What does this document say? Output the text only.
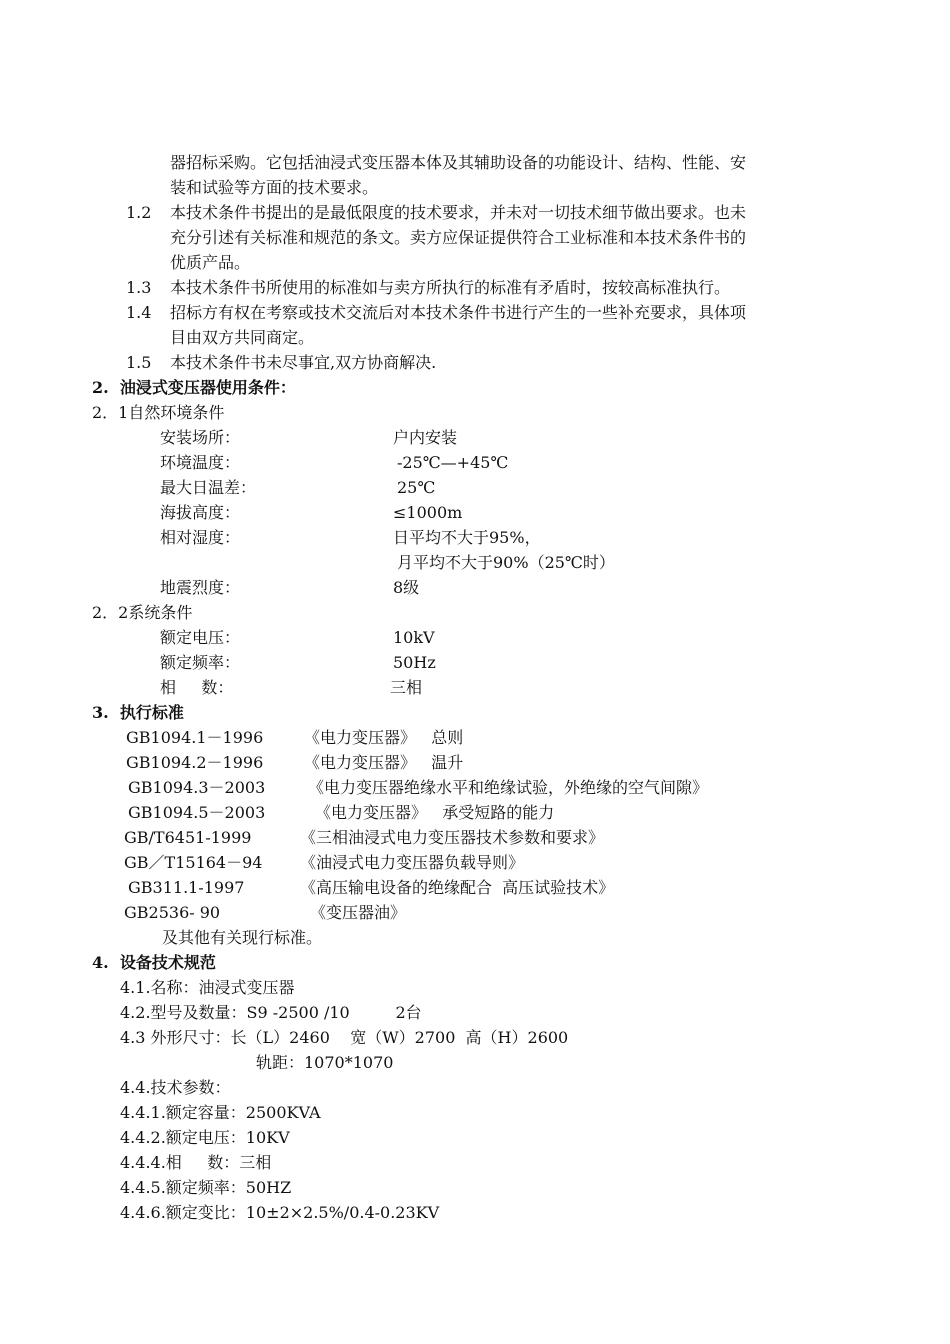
器招标采购。它包括油浸式变压器本体及其辅助设备的功能设计、结构、性能、安
装和试验等方面的技术要求。
1.2 本技术条件书提出的是最低限度的技术要求，并未对一切技术细节做出要求。也未
充分引述有关标准和规范的条文。卖方应保证提供符合工业标准和本技术条件书的
优质产品。
1.3 本技术条件书所使用的标准如与卖方所执行的标准有矛盾时，按较高标准执行。
1.4 招标方有权在考察或技术交流后对本技术条件书进行产生的一些补充要求，具体项
目由双方共同商定。
1.5 本技术条件书未尽事宜,双方协商解决.
2.  油浸式变压器使用条件：
2．1自然环境条件
安装场所：	户内安装
环境温度：	-25℃—+45℃
最大日温差：	25℃
海拔高度：	≤1000m
相对湿度：	日平均不大于95%，
月平均不大于90%（25℃时）
地震烈度：	8级
2．2系统条件
额定电压：	10kV
额定频率：	50Hz
相     数：	三相
3.  执行标准
GB1094.1－1996	《电力变压器》   总则
GB1094.2－1996	《电力变压器》   温升
GB1094.3－2003	《电力变压器绝缘水平和绝缘试验，外绝缘的空气间隙》
GB1094.5－2003	《电力变压器》   承受短路的能力
GB/T6451-1999	《三相油浸式电力变压器技术参数和要求》
GB／T15164－94 《油浸式电力变压器负载导则》
GB311.1-1997	《高压输电设备的绝缘配合  高压试验技术》
GB2536- 90	《变压器油》
及其他有关现行标准。
4.  设备技术规范
4.1.名称：油浸式变压器
4.2.型号及数量：S9 -2500 /10         2台
4.3 外形尺寸：长（L）2460    宽（W）2700  高（H）2600
轨距：1070*1070
4.4.技术参数：
4.4.1.额定容量：2500KVA
4.4.2.额定电压：10KV
4.4.4.相     数：三相
4.4.5.额定频率：50HZ
4.4.6.额定变比：10±2×2.5%/0.4-0.23KV
